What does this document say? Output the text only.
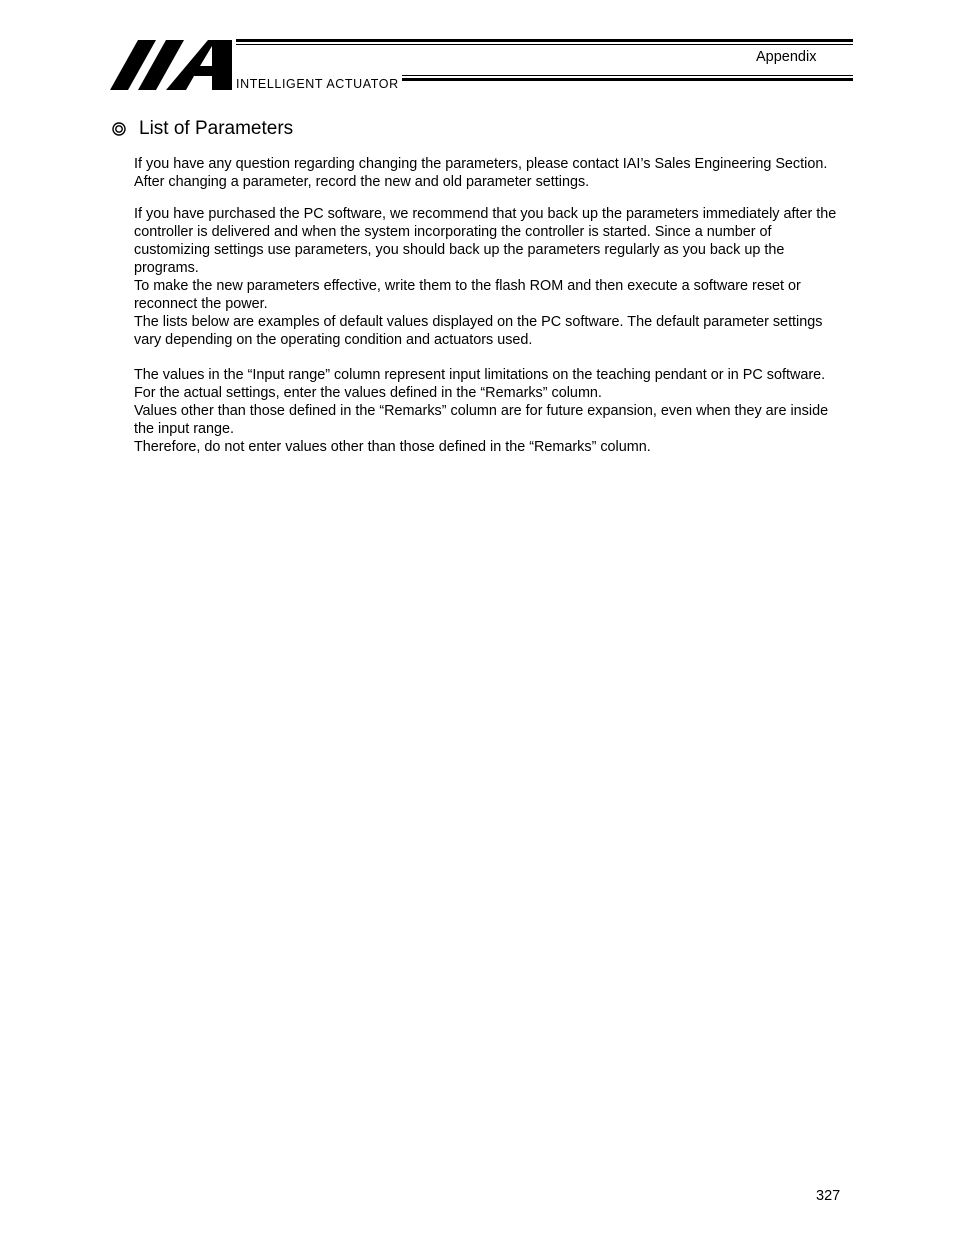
INTELLIGENT ACTUATOR
Appendix
List of Parameters

If you have any question regarding changing the parameters, please contact IAI’s Sales Engineering Section. After changing a parameter, record the new and old parameter settings.

If you have purchased the PC software, we recommend that you back up the parameters immediately after the controller is delivered and when the system incorporating the controller is started. Since a number of customizing settings use parameters, you should back up the parameters regularly as you back up the programs.

To make the new parameters effective, write them to the flash ROM and then execute a software reset or reconnect the power.

The lists below are examples of default values displayed on the PC software. The default parameter settings vary depending on the operating condition and actuators used.

The values in the “Input range” column represent input limitations on the teaching pendant or in PC software. For the actual settings, enter the values defined in the “Remarks” column.

Values other than those defined in the “Remarks” column are for future expansion, even when they are inside the input range.

Therefore, do not enter values other than those defined in the “Remarks” column.

327
